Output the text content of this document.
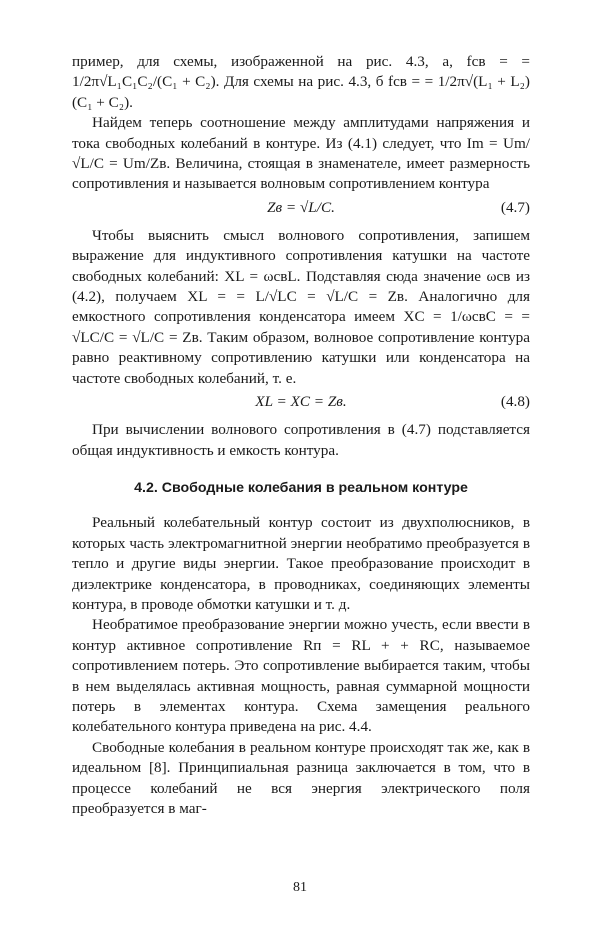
пример, для схемы, изображенной на рис. 4.3, а, fсв = = 1/2π√L₁C₁C₂/(C₁ + C₂). Для схемы на рис. 4.3, б fсв = = 1/2π√(L₁ + L₂)(C₁ + C₂).

Найдем теперь соотношение между амплитудами напряжения и тока свободных колебаний в контуре. Из (4.1) следует, что Im = Um/√L/C = Um/Zв. Величина, стоящая в знаменателе, имеет размерность сопротивления и называется волновым сопротивлением контура

Zв = √L/C.	(4.7)

Чтобы выяснить смысл волнового сопротивления, запишем выражение для индуктивного сопротивления катушки на частоте свободных колебаний: XL = ωсвL. Подставляя сюда значение ωсв из (4.2), получаем XL = = L/√LC = √L/C = Zв. Аналогично для емкостного сопротивления конденсатора имеем XC = 1/ωсвC = = √LC/C = √L/C = Zв. Таким образом, волновое сопротивление контура равно реактивному сопротивлению катушки или конденсатора на частоте свободных колебаний, т. е.

XL = XC = Zв.	(4.8)

При вычислении волнового сопротивления в (4.7) подставляется общая индуктивность и емкость контура.

4.2. Свободные колебания в реальном контуре

Реальный колебательный контур состоит из двухполюсников, в которых часть электромагнитной энергии необратимо преобразуется в тепло и другие виды энергии. Такое преобразование происходит в диэлектрике конденсатора, в проводниках, соединяющих элементы контура, в проводе обмотки катушки и т. д.

Необратимое преобразование энергии можно учесть, если ввести в контур активное сопротивление Rп = RL + + RC, называемое сопротивлением потерь. Это сопротивление выбирается таким, чтобы в нем выделялась активная мощность, равная суммарной мощности потерь в элементах контура. Схема замещения реального колебательного контура приведена на рис. 4.4.

Свободные колебания в реальном контуре происходят так же, как в идеальном [8]. Принципиальная разница заключается в том, что в процессе колебаний не вся энергия электрического поля преобразуется в маг-

81
